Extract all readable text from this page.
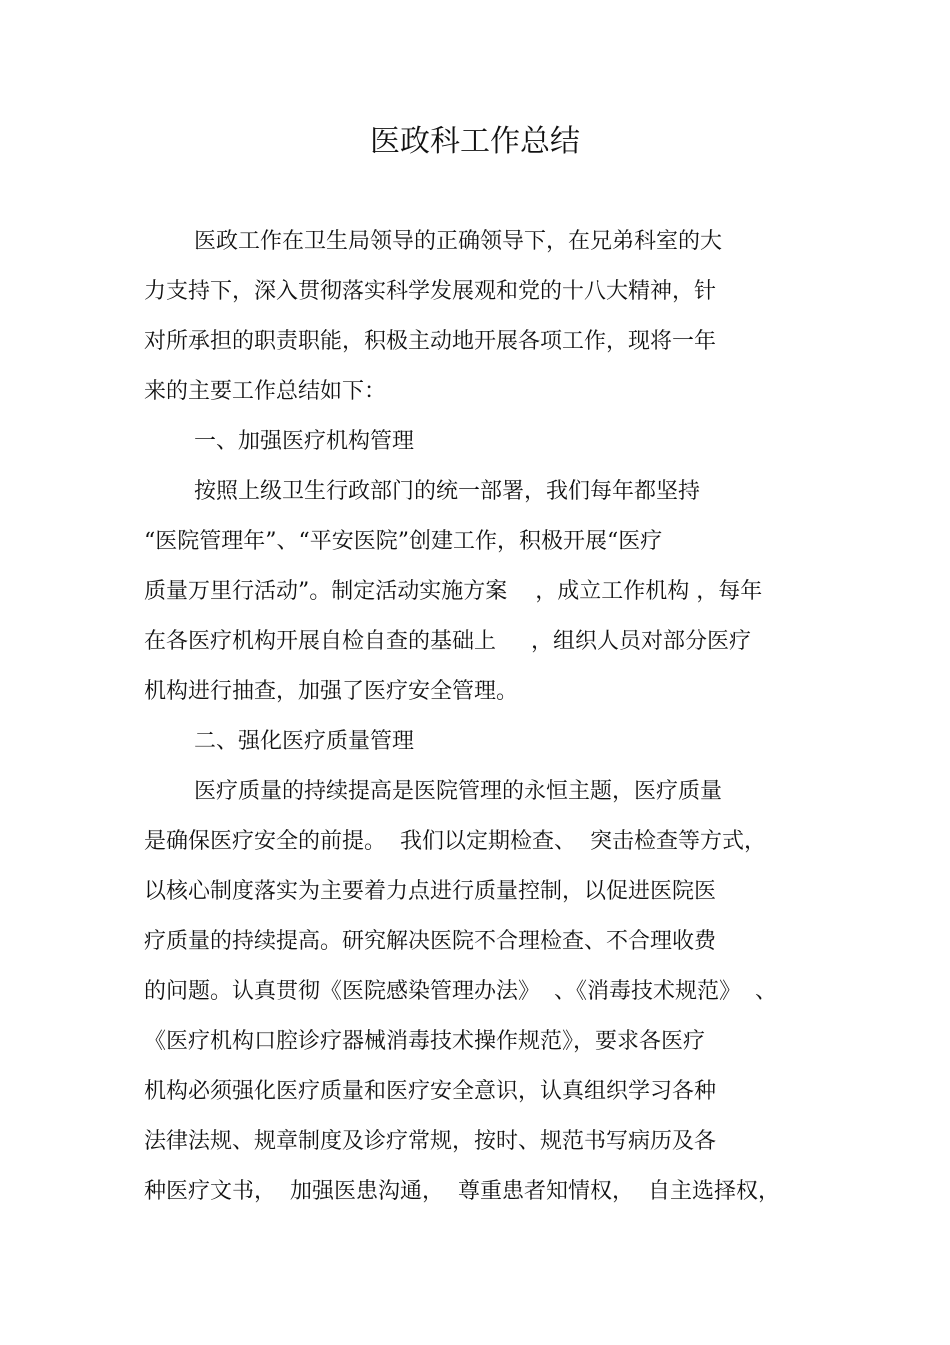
医政科工作总结
医政工作在卫生局领导的正确领导下，在兄弟科室的大
力支持下，深入贯彻落实科学发展观和党的十八大精神，针
对所承担的职责职能，积极主动地开展各项工作，现将一年
来的主要工作总结如下：
一、加强医疗机构管理
按照上级卫生行政部门的统一部署，我们每年都坚持
“医院管理年”、“平安医院”创建工作，积极开展“医疗
质量万里行活动”。制定活动实施方案    ，成立工作机构 ，每年
在各医疗机构开展自检自查的基础上     ，组织人员对部分医疗
机构进行抽查，加强了医疗安全管理。
二、强化医疗质量管理
医疗质量的持续提高是医院管理的永恒主题，医疗质量
是确保医疗安全的前提。  我们以定期检查、  突击检查等方式，
以核心制度落实为主要着力点进行质量控制，以促进医院医
疗质量的持续提高。研究解决医院不合理检查、不合理收费
的问题。认真贯彻《医院感染管理办法》  、《消毒技术规范》  、
《医疗机构口腔诊疗器械消毒技术操作规范》，要求各医疗
机构必须强化医疗质量和医疗安全意识，认真组织学习各种
法律法规、规章制度及诊疗常规，按时、规范书写病历及各
种医疗文书，  加强医患沟通，  尊重患者知情权，  自主选择权，
